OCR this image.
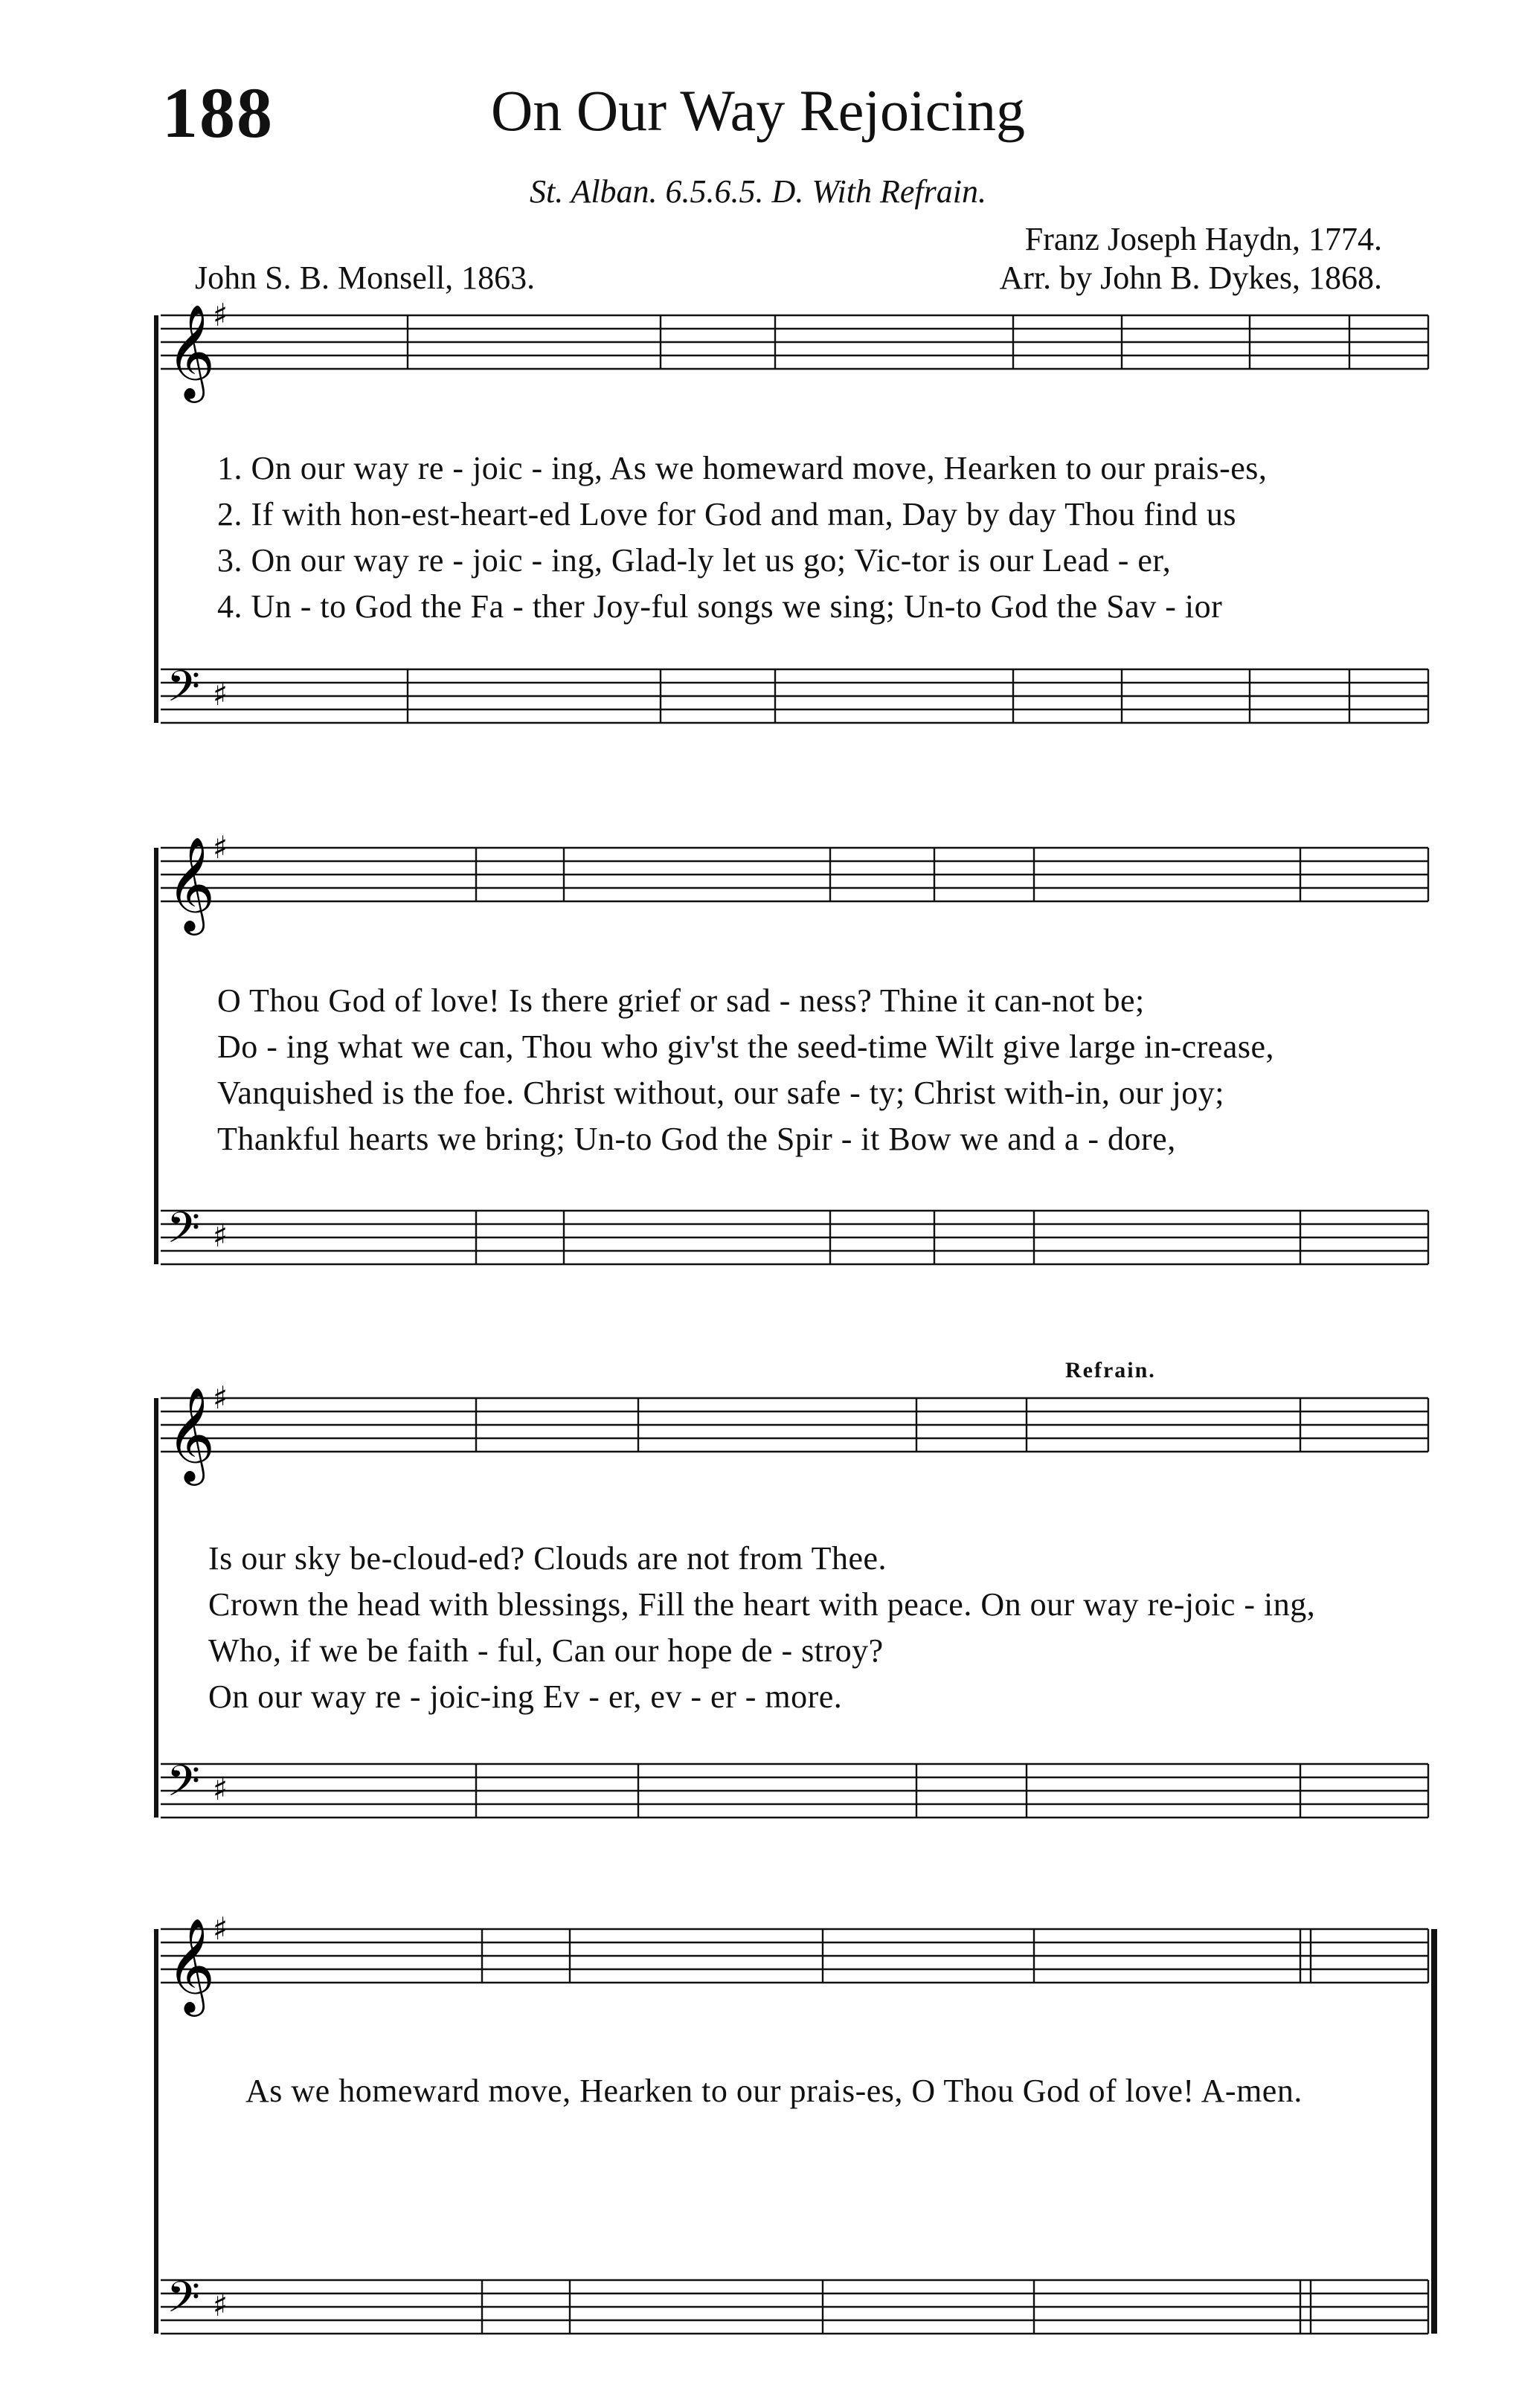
188	On Our Way Rejoicing
St. Alban. 6.5.6.5. D. With Refrain.
Franz Joseph Haydn, 1774.
John S. B. Monsell, 1863.	Arr. by John B. Dykes, 1868.
𝄞
♯
𝄢 ♯
𝄞
♯
𝄢 ♯
𝄞
♯
𝄢 ♯
𝄞
♯
𝄢 ♯
1. On our way re - joic - ing, As we homeward move, Hearken to our prais-es,
2. If with hon-est-heart-ed Love for God and man, Day by day Thou find us
3. On our way re - joic - ing, Glad-ly let us go; Vic-tor is our Lead - er,
4. Un - to God the Fa - ther Joy-ful songs we sing; Un-to God the Sav - ior
O Thou God of love! Is there grief or sad - ness? Thine it can-not be;
Do - ing what we can, Thou who giv'st the seed-time Wilt give large in-crease,
Vanquished is the foe. Christ without, our safe - ty; Christ with-in, our joy;
Thankful hearts we bring; Un-to God the Spir - it Bow we and a - dore,
Refrain.
Is our sky be-cloud-ed? Clouds are not from Thee.
Crown the head with blessings, Fill the heart with peace. On our way re-joic - ing,
Who, if we be faith - ful, Can our hope de - stroy?
On our way re - joic-ing Ev - er, ev - er - more.
As we homeward move, Hearken to our prais-es, O Thou God of love! A-men.
